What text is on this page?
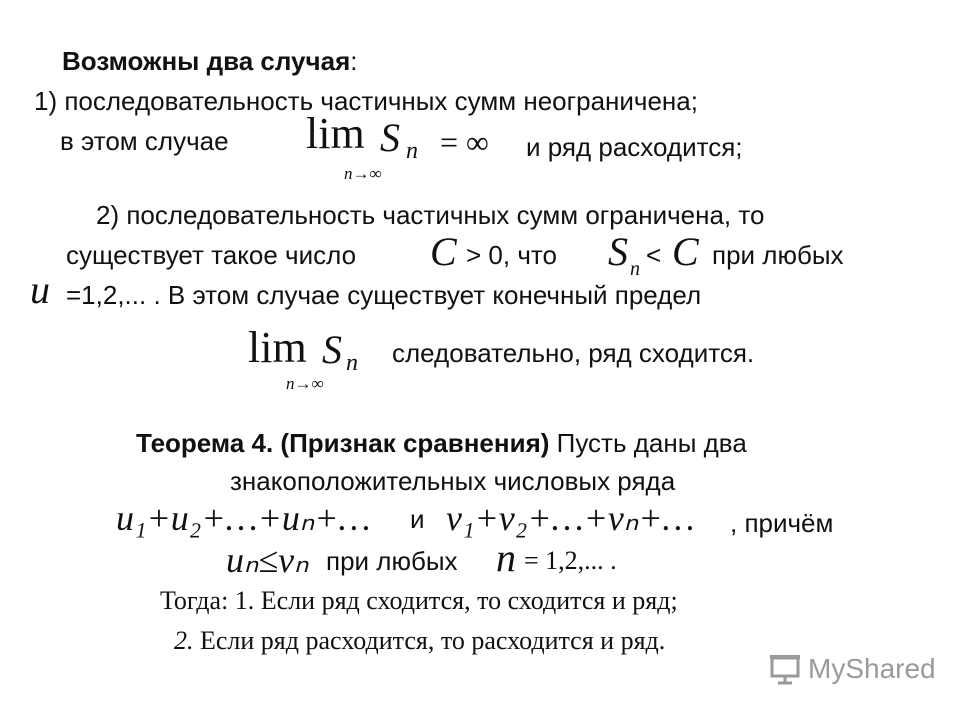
Возможны два случая:
1) последовательность частичных сумм неограничена;
в этом случае lim
n→∞
S n = ∞ и ряд расходится;
2) последовательность частичных сумм ограничена, то
существует такое число C > 0, что S n < C при любых
u =1,2,... . В этом случае существует конечный предел
lim
n→∞
S n следовательно, ряд сходится.
Теорема 4. (Признак сравнения) Пусть даны два
знакоположительных числовых ряда
u₁+u₂+…+uₙ+… и v₁+v₂+…+vₙ+… , причём
uₙ≤vₙ при любых n = 1,2,... .
Тогда: 1. Если ряд сходится, то сходится и ряд;
2. Если ряд расходится, то расходится и ряд.
MyShared
